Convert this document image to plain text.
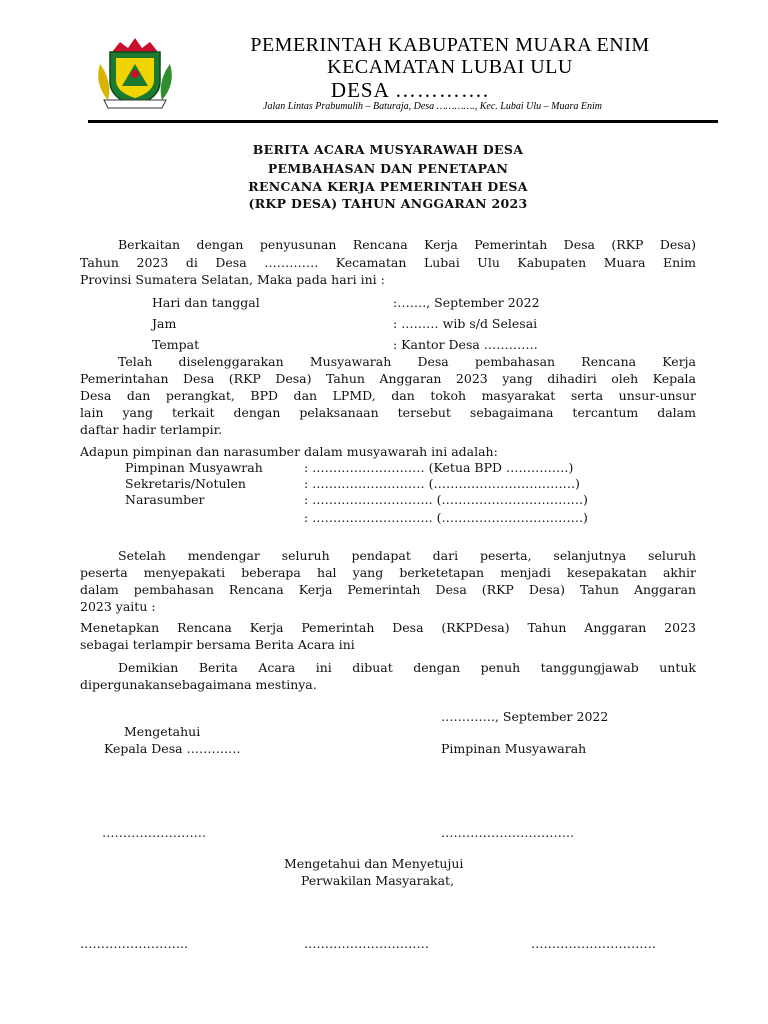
PEMERINTAH KABUPATEN MUARA ENIM
KECAMATAN LUBAI ULU
DESA ………….
Jalan Lintas Prabumulih – Baturaja, Desa …………., Kec. Lubai Ulu – Muara Enim
BERITA ACARA MUSYARAWAH DESA
PEMBAHASAN DAN PENETAPAN
RENCANA KERJA PEMERINTAH DESA
(RKP DESA) TAHUN ANGGARAN 2023
Berkaitan dengan penyusunan Rencana Kerja Pemerintah Desa (RKP Desa)
Tahun 2023 di Desa …………. Kecamatan Lubai Ulu Kabupaten Muara Enim
Provinsi Sumatera Selatan, Maka pada hari ini :
Hari dan tanggal	:……., September 2022
Jam	: ……… wib s/d Selesai
Tempat	: Kantor Desa ………….
Telah diselenggarakan Musyawarah Desa pembahasan Rencana Kerja
Pemerintahan Desa (RKP Desa) Tahun Anggaran 2023 yang dihadiri oleh Kepala
Desa dan perangkat, BPD dan LPMD, dan tokoh masyarakat serta unsur-unsur
lain yang terkait dengan pelaksanaan tersebut sebagaimana tercantum dalam
daftar hadir terlampir.
Adapun pimpinan dan narasumber dalam musyawarah ini adalah:
Pimpinan Musyawrah	: ……………………… (Ketua BPD ……………)
Sekretaris/Notulen	: ……………………… (…………………………….)
Narasumber	: ……………………….. (…………………………….)
: ……………………….. (…………………………….)
Setelah mendengar seluruh pendapat dari peserta, selanjutnya seluruh
peserta menyepakati beberapa hal yang berketetapan menjadi kesepakatan akhir
dalam pembahasan Rencana Kerja Pemerintah Desa (RKP Desa) Tahun Anggaran
2023 yaitu :
Menetapkan Rencana Kerja Pemerintah Desa (RKPDesa) Tahun Anggaran 2023
sebagai terlampir bersama Berita Acara ini
Demikian Berita Acara ini dibuat dengan penuh tanggungjawab untuk
dipergunakansebagaimana mestinya.
…………., September 2022
Mengetahui
Kepala Desa ………….	Pimpinan Musyawarah
…………………….	…………………………..
Mengetahui dan Menyetujui
Perwakilan Masyarakat,
……………………..	…………………………	…………………………
